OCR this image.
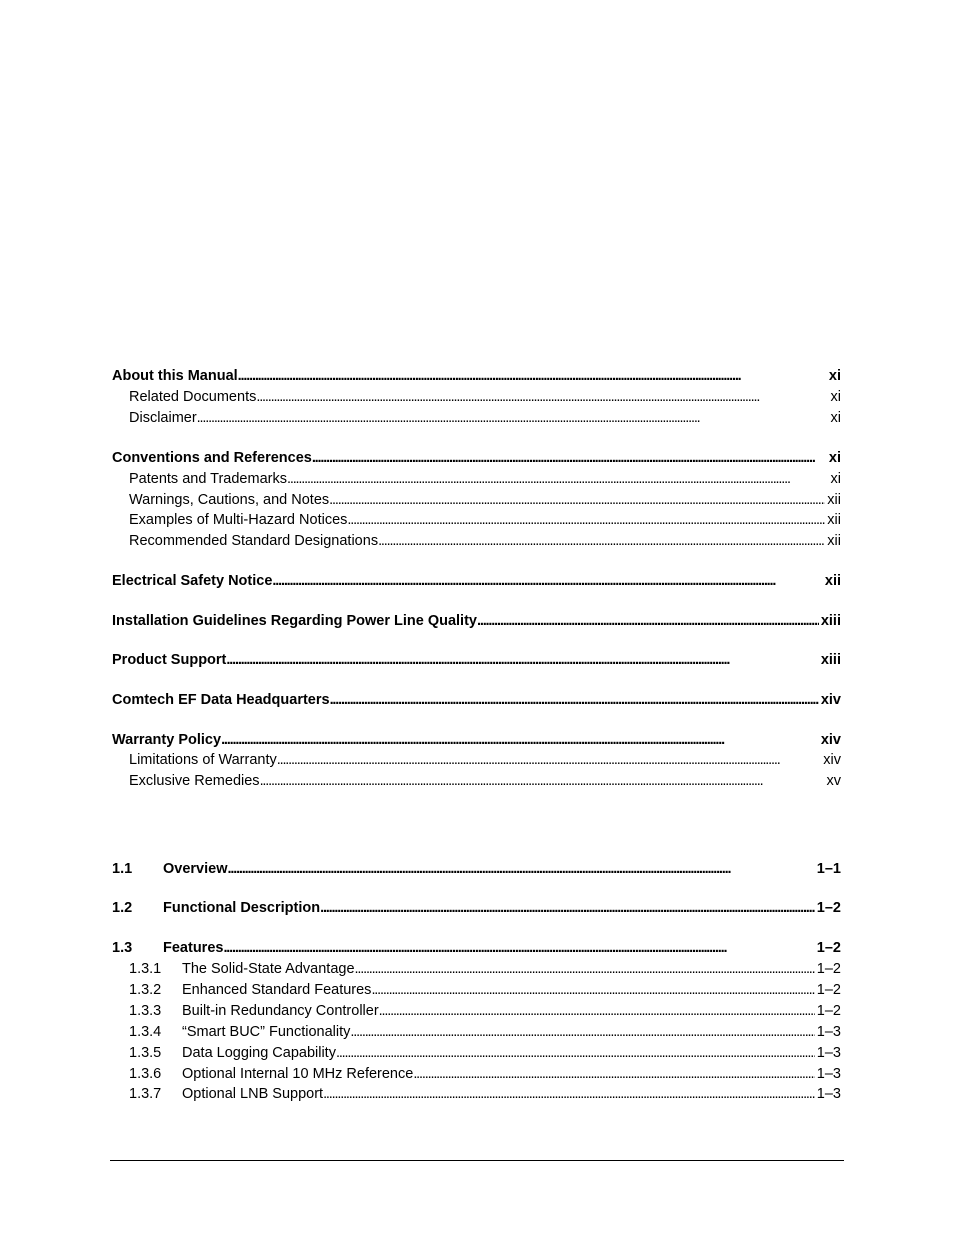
About this Manual . . .	xi
Related Documents . . .	xi
Disclaimer . . .	xi
Conventions and References . . .	xi
Patents and Trademarks . . .	xi
Warnings, Cautions, and Notes . . .	xii
Examples of Multi-Hazard Notices . . .	xii
Recommended Standard Designations . . .	xii
Electrical Safety Notice . . .	xii
Installation Guidelines Regarding Power Line Quality . . .	xiii
Product Support . . .	xiii
Comtech EF Data Headquarters . . .	xiv
Warranty Policy . . .	xiv
Limitations of Warranty . . .	xiv
Exclusive Remedies . . .	xv
1.1	Overview . . .	1–1
1.2	Functional Description . . .	1–2
1.3	Features . . .	1–2
1.3.1	The Solid-State Advantage . . .	1–2
1.3.2	Enhanced Standard Features . . .	1–2
1.3.3	Built-in Redundancy Controller . . .	1–2
1.3.4	“Smart BUC” Functionality . . .	1–3
1.3.5	Data Logging Capability . . .	1–3
1.3.6	Optional Internal 10 MHz Reference . . .	1–3
1.3.7	Optional LNB Support . . .	1–3
